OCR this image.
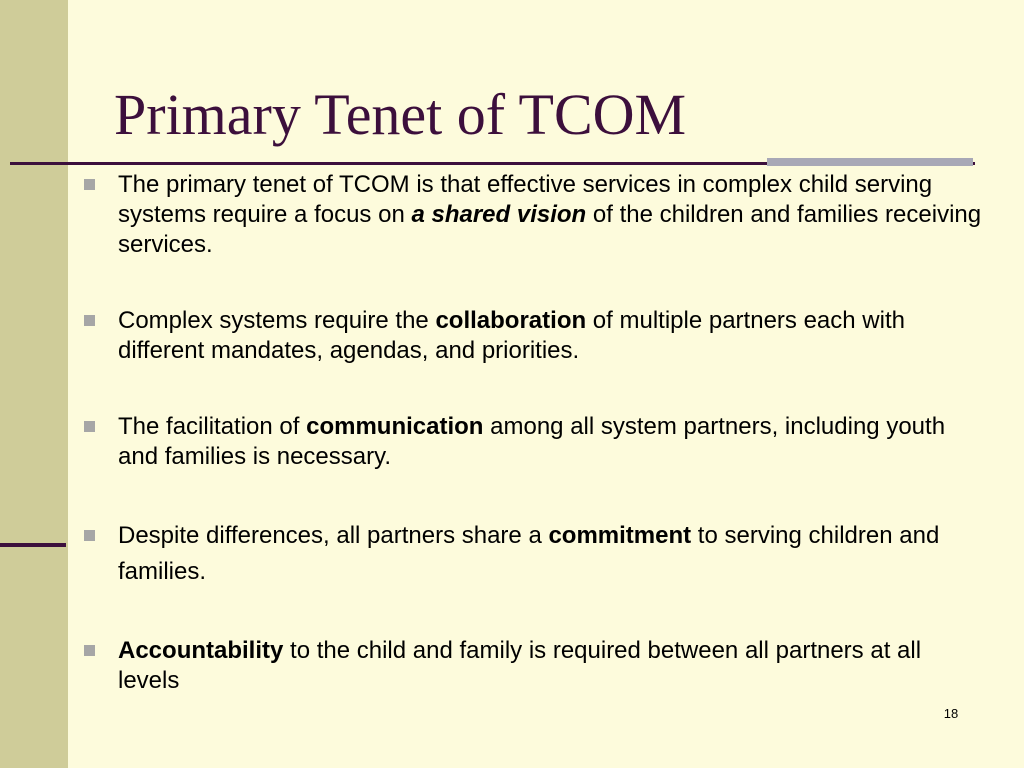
Primary Tenet of TCOM
The primary tenet of TCOM is that effective services in complex child serving systems require a focus on a shared vision of the children and families receiving services.
Complex systems require the collaboration of multiple partners each with different mandates, agendas, and priorities.
The facilitation of communication among all system partners, including youth and families is necessary.
Despite differences, all partners share a commitment to serving children and families.
Accountability to the child and family is required between all partners at all levels
18
